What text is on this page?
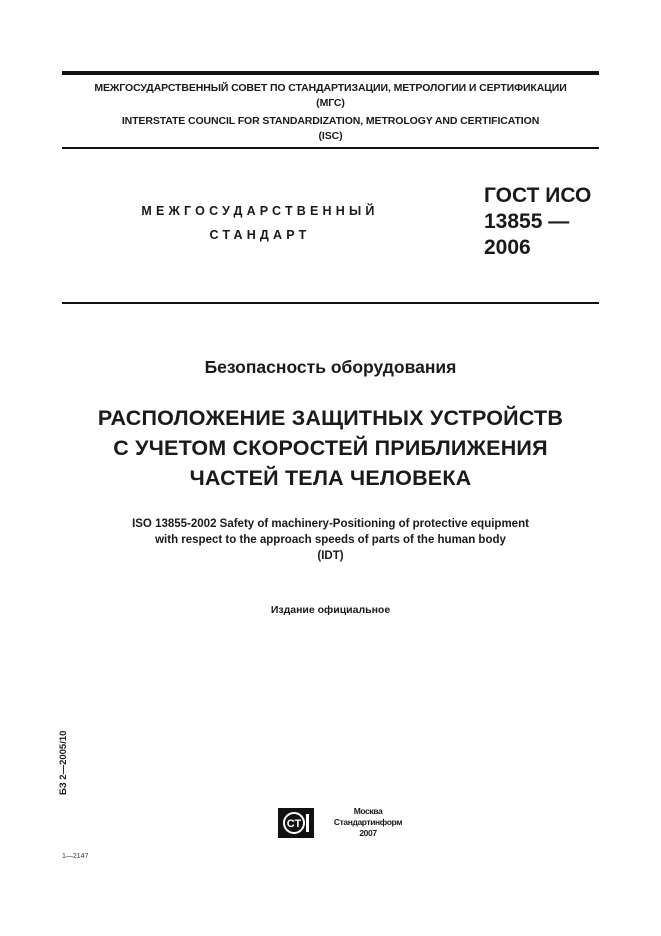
МЕЖГОСУДАРСТВЕННЫЙ СОВЕТ ПО СТАНДАРТИЗАЦИИ, МЕТРОЛОГИИ И СЕРТИФИКАЦИИ
(МГС)
INTERSTATE COUNCIL FOR STANDARDIZATION, METROLOGY AND CERTIFICATION
(ISC)
МЕЖГОСУДАРСТВЕННЫЙ
СТАНДАРТ
ГОСТ ИСО
13855 —
2006
Безопасность оборудования
РАСПОЛОЖЕНИЕ ЗАЩИТНЫХ УСТРОЙСТВ
С УЧЕТОМ СКОРОСТЕЙ ПРИБЛИЖЕНИЯ
ЧАСТЕЙ ТЕЛА ЧЕЛОВЕКА
ISO 13855-2002 Safety of machinery-Positioning of protective equipment
with respect to the approach speeds of parts of the human body
(IDT)
Издание официальное
БЗ 2—2005/10
1—2147
СТ
Москва
Стандартинформ
2007
